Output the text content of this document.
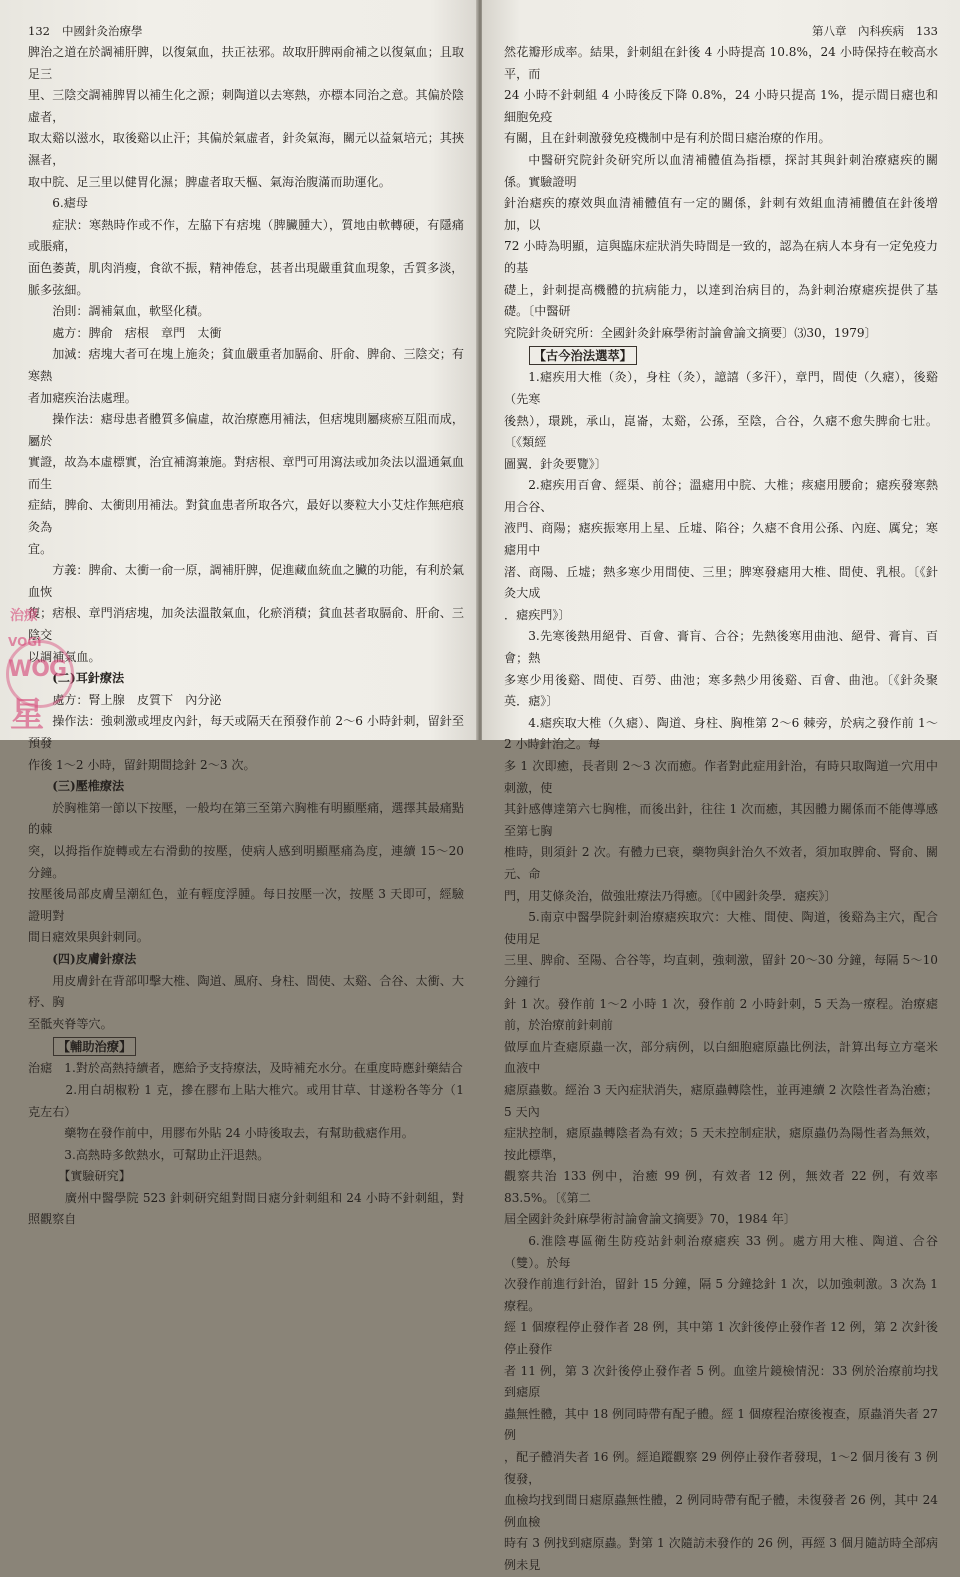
132 中國針灸治療學

脾治之道在於調補肝脾，以復氣血，扶正祛邪。故取肝脾兩俞補之以復氣血；且取足三

里、三陰交調補脾胃以補生化之源；刺陶道以去寒熱，亦標本同治之意。其偏於陰虛者，

取太谿以滋水，取後谿以止汗；其偏於氣虛者，針灸氣海，關元以益氣培元；其挾濕者，

取中脘、足三里以健胃化濕；脾虛者取天樞、氣海治腹滿而助運化。

6.瘧母

症狀：寒熱時作或不作，左脇下有痞塊（脾臟腫大），質地由軟轉硬，有隱痛或脹痛，

面色萎黃，肌肉消瘦，食欲不振，精神倦怠，甚者出現嚴重貧血現象，舌質多淡，

脈多弦細。

治則：調補氣血，軟堅化積。

處方：脾俞　痞根　章門　太衝

加減：痞塊大者可在塊上施灸；貧血嚴重者加膈俞、肝俞、脾俞、三陰交；有寒熱

者加瘧疾治法處理。

操作法：瘧母患者體質多偏虛，故治療應用補法，但痞塊則屬痰瘀互阻而成，屬於

實證，故為本虛標實，治宜補瀉兼施。對痞根、章門可用瀉法或加灸法以溫通氣血而生

症結，脾俞、太衝則用補法。對貧血患者所取各穴，最好以麥粒大小艾炷作無疤痕灸為

宜。

方義：脾俞、太衝一俞一原，調補肝脾，促進藏血統血之臟的功能，有利於氣血恢

復；痞根、章門消痞塊，加灸法溫散氣血，化瘀消積；貧血甚者取膈俞、肝俞、三陰交

以調補氣血。

(二)耳針療法

處方：腎上腺　皮質下　內分泌

操作法：強刺激或埋皮內針，每天或隔天在預發作前 2～6 小時針刺，留針至預發

作後 1～2 小時，留針期間捻針 2～3 次。

(三)壓椎療法

於胸椎第一節以下按壓，一般均在第三至第六胸椎有明顯壓痛，選擇其最痛點的棘

突，以拇指作旋轉或左右滑動的按壓，使病人感到明顯壓痛為度，連續 15～20 分鐘。

按壓後局部皮膚呈潮紅色，並有輕度浮腫。每日按壓一次，按壓 3 天即可，經驗證明對

間日瘧效果與針刺同。

(四)皮膚針療法

用皮膚針在背部叩擊大椎、陶道、風府、身柱、間使、太谿、合谷、太衝、大杼、胸

至骶夾脊等穴。

【輔助治療】

治瘧　1.對於高熱持續者，應給予支持療法，及時補充水分。在重度時應針藥結合

　　　2.用白胡椒粉 1 克，摻在膠布上貼大椎穴。或用甘草、甘遂粉各等分（1 克左右）

　　　藥物在發作前中，用膠布外貼 24 小時後取去，有幫助截瘧作用。

　　　3.高熱時多飲熱水，可幫助止汗退熱。

　　　【實驗研究】

　　　廣州中醫學院 523 針刺研究組對間日瘧分針刺組和 24 小時不針刺組，對照觀察自

治療
VOGI
WOG
星
第八章　內科疾病 133

然花瓣形成率。結果，針刺組在針後 4 小時提高 10.8%，24 小時保持在較高水平，而

24 小時不針刺組 4 小時後反下降 0.8%，24 小時只提高 1%，提示間日瘧也和細胞免疫

有關，且在針刺激發免疫機制中是有利於間日瘧治療的作用。

中醫研究院針灸研究所以血清補體值為指標，探討其與針刺治療瘧疾的關係。實驗證明

針治瘧疾的療效與血清補體值有一定的關係，針刺有效組血清補體值在針後增加，以

72 小時為明顯，這與臨床症狀消失時間是一致的，認為在病人本身有一定免疫力的基

礎上，針刺提高機體的抗病能力，以達到治病目的，為針刺治療瘧疾提供了基礎。〔中醫研

究院針灸研究所：全國針灸針麻學術討論會論文摘要〕⑶30，1979〕

【古今治法選萃】

1.瘧疾用大椎（灸），身柱（灸），譩譆（多汗），章門，間使（久瘧），後谿（先寒

後熱），環跳，承山，崑崙，太谿，公孫，至陰，合谷，久瘧不愈失脾俞七壯。〔《類經

圖翼．針灸要覽》〕

2.瘧疾用百會、經渠、前谷；溫瘧用中脘、大椎；痎瘧用腰俞；瘧疾發寒熱用合谷、

液門、商陽；瘧疾振寒用上星、丘墟、陷谷；久瘧不食用公孫、內庭、厲兌；寒瘧用中

渚、商陽、丘墟；熱多寒少用間使、三里；脾寒發瘧用大椎、間使、乳根。〔《針灸大成

．瘧疾門》〕

3.先寒後熱用絕骨、百會、膏肓、合谷；先熱後寒用曲池、絕骨、膏肓、百會；熱

多寒少用後谿、間使、百勞、曲池；寒多熱少用後谿、百會、曲池。〔《針灸聚英．瘧》〕

4.瘧疾取大椎（久瘧）、陶道、身柱、胸椎第 2～6 棘旁，於病之發作前 1～2 小時針治之。每

多 1 次即癒，長者則 2～3 次而癒。作者對此症用針治，有時只取陶道一穴用中刺激，使

其針感傳達第六七胸椎，而後出針，往往 1 次而癒，其因體力關係而不能傳導感至第七胸

椎時，則須針 2 次。有體力已衰，藥物與針治久不效者，須加取脾俞、腎俞、關元、命

門，用艾條灸治，做強壯療法乃得癒。〔《中國針灸學．瘧疾》〕

5.南京中醫學院針刺治療瘧疾取穴：大椎、間使、陶道，後谿為主穴，配合使用足

三里、脾俞、至陽、合谷等，均直刺，強刺激，留針 20～30 分鐘，每隔 5～10 分鐘行

針 1 次。發作前 1～2 小時 1 次，發作前 2 小時針刺，5 天為一療程。治療瘧前，於治療前針刺前

做厚血片查瘧原蟲一次，部分病例，以白細胞瘧原蟲比例法，計算出每立方毫米血液中

瘧原蟲數。經治 3 天內症狀消失，瘧原蟲轉陰性，並再連續 2 次陰性者為治癒；5 天內

症狀控制，瘧原蟲轉陰者為有效；5 天未控制症狀，瘧原蟲仍為陽性者為無效，按此標準，

觀察共治 133 例中，治癒 99 例，有效者 12 例，無效者 22 例，有效率 83.5%。〔《第二

屆全國針灸針麻學術討論會論文摘要》70，1984 年〕

6.淮陰專區衛生防疫站針刺治療瘧疾 33 例。處方用大椎、陶道、合谷（雙）。於每

次發作前進行針治，留針 15 分鐘，隔 5 分鐘捻針 1 次，以加強刺激。3 次為 1 療程。

經 1 個療程停止發作者 28 例，其中第 1 次針後停止發作者 12 例，第 2 次針後停止發作

者 11 例，第 3 次針後停止發作者 5 例。血塗片鏡檢情況：33 例於治療前均找到瘧原

蟲無性體，其中 18 例同時帶有配子體。經 1 個療程治療後複查，原蟲消失者 27 例

，配子體消失者 16 例。經追蹤觀察 29 例停止發作者發現，1～2 個月後有 3 例復發，

血檢均找到間日瘧原蟲無性體，2 例同時帶有配子體，未復發者 26 例，其中 24 例血檢

時有 3 例找到瘧原蟲。對第 1 次隨訪未發作的 26 例，再經 3 個月隨訪時全部病例未見
